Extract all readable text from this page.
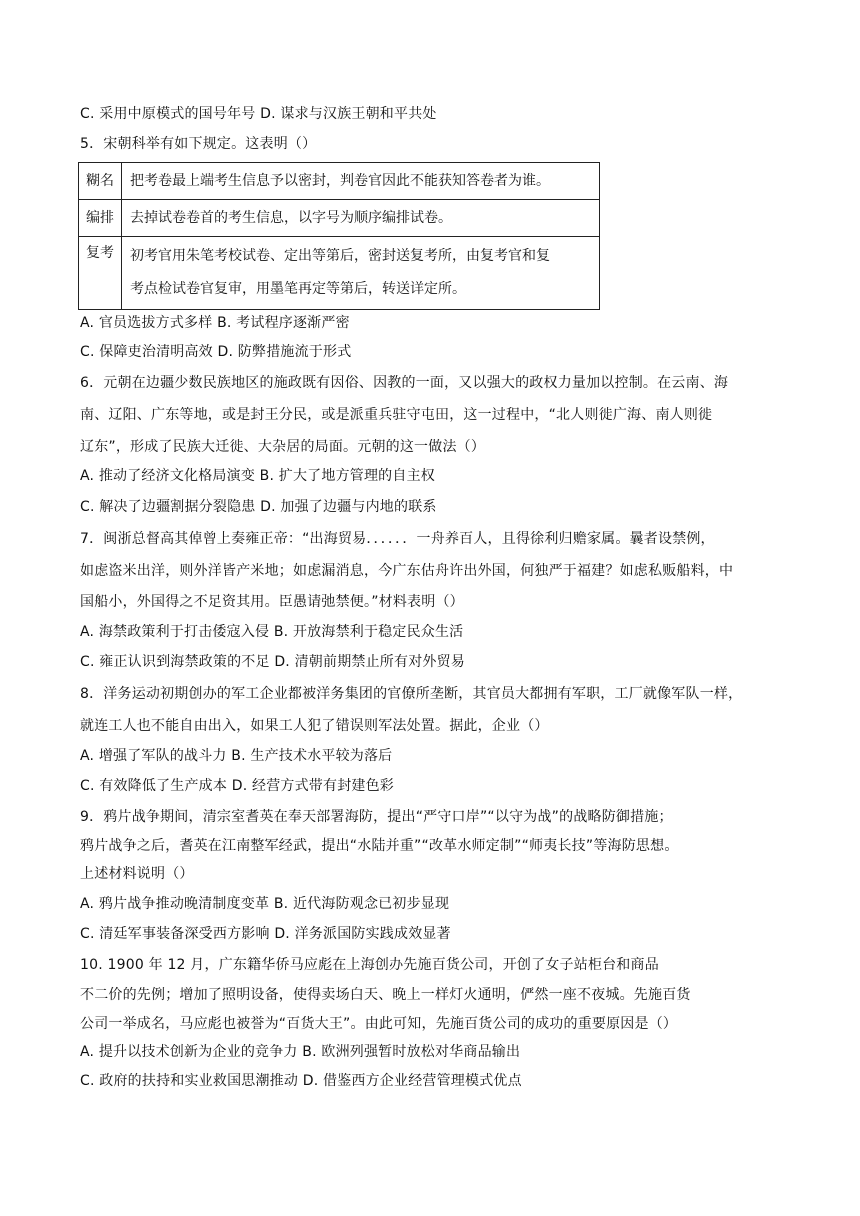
C. 采用中原模式的国号年号 D. 谋求与汉族王朝和平共处
5．宋朝科举有如下规定。这表明（）
糊名	把考卷最上端考生信息予以密封，判卷官因此不能获知答卷者为谁。
编排	去掉试卷卷首的考生信息，以字号为顺序编排试卷。
复考	初考官用朱笔考校试卷、定出等第后，密封送复考所，由复考官和复
考点检试卷官复审，用墨笔再定等第后，转送详定所。
A. 官员选拔方式多样 B. 考试程序逐渐严密
C. 保障吏治清明高效 D. 防弊措施流于形式
6．元朝在边疆少数民族地区的施政既有因俗、因教的一面，又以强大的政权力量加以控制。在云南、海
南、辽阳、广东等地，或是封王分民，或是派重兵驻守屯田，这一过程中，“北人则徙广海、南人则徙
辽东”，形成了民族大迁徙、大杂居的局面。元朝的这一做法（）
A. 推动了经济文化格局演变 B. 扩大了地方管理的自主权
C. 解决了边疆割据分裂隐患 D. 加强了边疆与内地的联系
7．闽浙总督高其倬曾上奏雍正帝：“出海贸易．．．．．．一舟养百人，且得徐利归赡家属。曩者设禁例，
如虑盗米出洋，则外洋皆产米地；如虑漏消息，今广东估舟许出外国，何独严于福建？如虑私贩船料，中
国船小，外国得之不足资其用。臣愚请弛禁便。”材料表明（）
A. 海禁政策利于打击倭寇入侵 B. 开放海禁利于稳定民众生活
C. 雍正认识到海禁政策的不足 D. 清朝前期禁止所有对外贸易
8．洋务运动初期创办的军工企业都被洋务集团的官僚所垄断，其官员大都拥有军职，工厂就像军队一样，
就连工人也不能自由出入，如果工人犯了错误则军法处置。据此，企业（）
A. 增强了军队的战斗力 B. 生产技术水平较为落后
C. 有效降低了生产成本 D. 经营方式带有封建色彩
9．鸦片战争期间，清宗室耆英在奉天部署海防，提出“严守口岸”“以守为战”的战略防御措施；
鸦片战争之后，耆英在江南整军经武，提出“水陆并重”“改革水师定制”“师夷长技”等海防思想。
上述材料说明（）
A. 鸦片战争推动晚清制度变革 B. 近代海防观念已初步显现
C. 清廷军事装备深受西方影响 D. 洋务派国防实践成效显著
10. 1900 年 12 月，广东籍华侨马应彪在上海创办先施百货公司，开创了女子站柜台和商品
不二价的先例；增加了照明设备，使得卖场白天、晚上一样灯火通明，俨然一座不夜城。先施百货
公司一举成名，马应彪也被誉为“百货大王”。由此可知，先施百货公司的成功的重要原因是（）
A. 提升以技术创新为企业的竞争力 B. 欧洲列强暂时放松对华商品输出
C. 政府的扶持和实业救国思潮推动 D. 借鉴西方企业经营管理模式优点
